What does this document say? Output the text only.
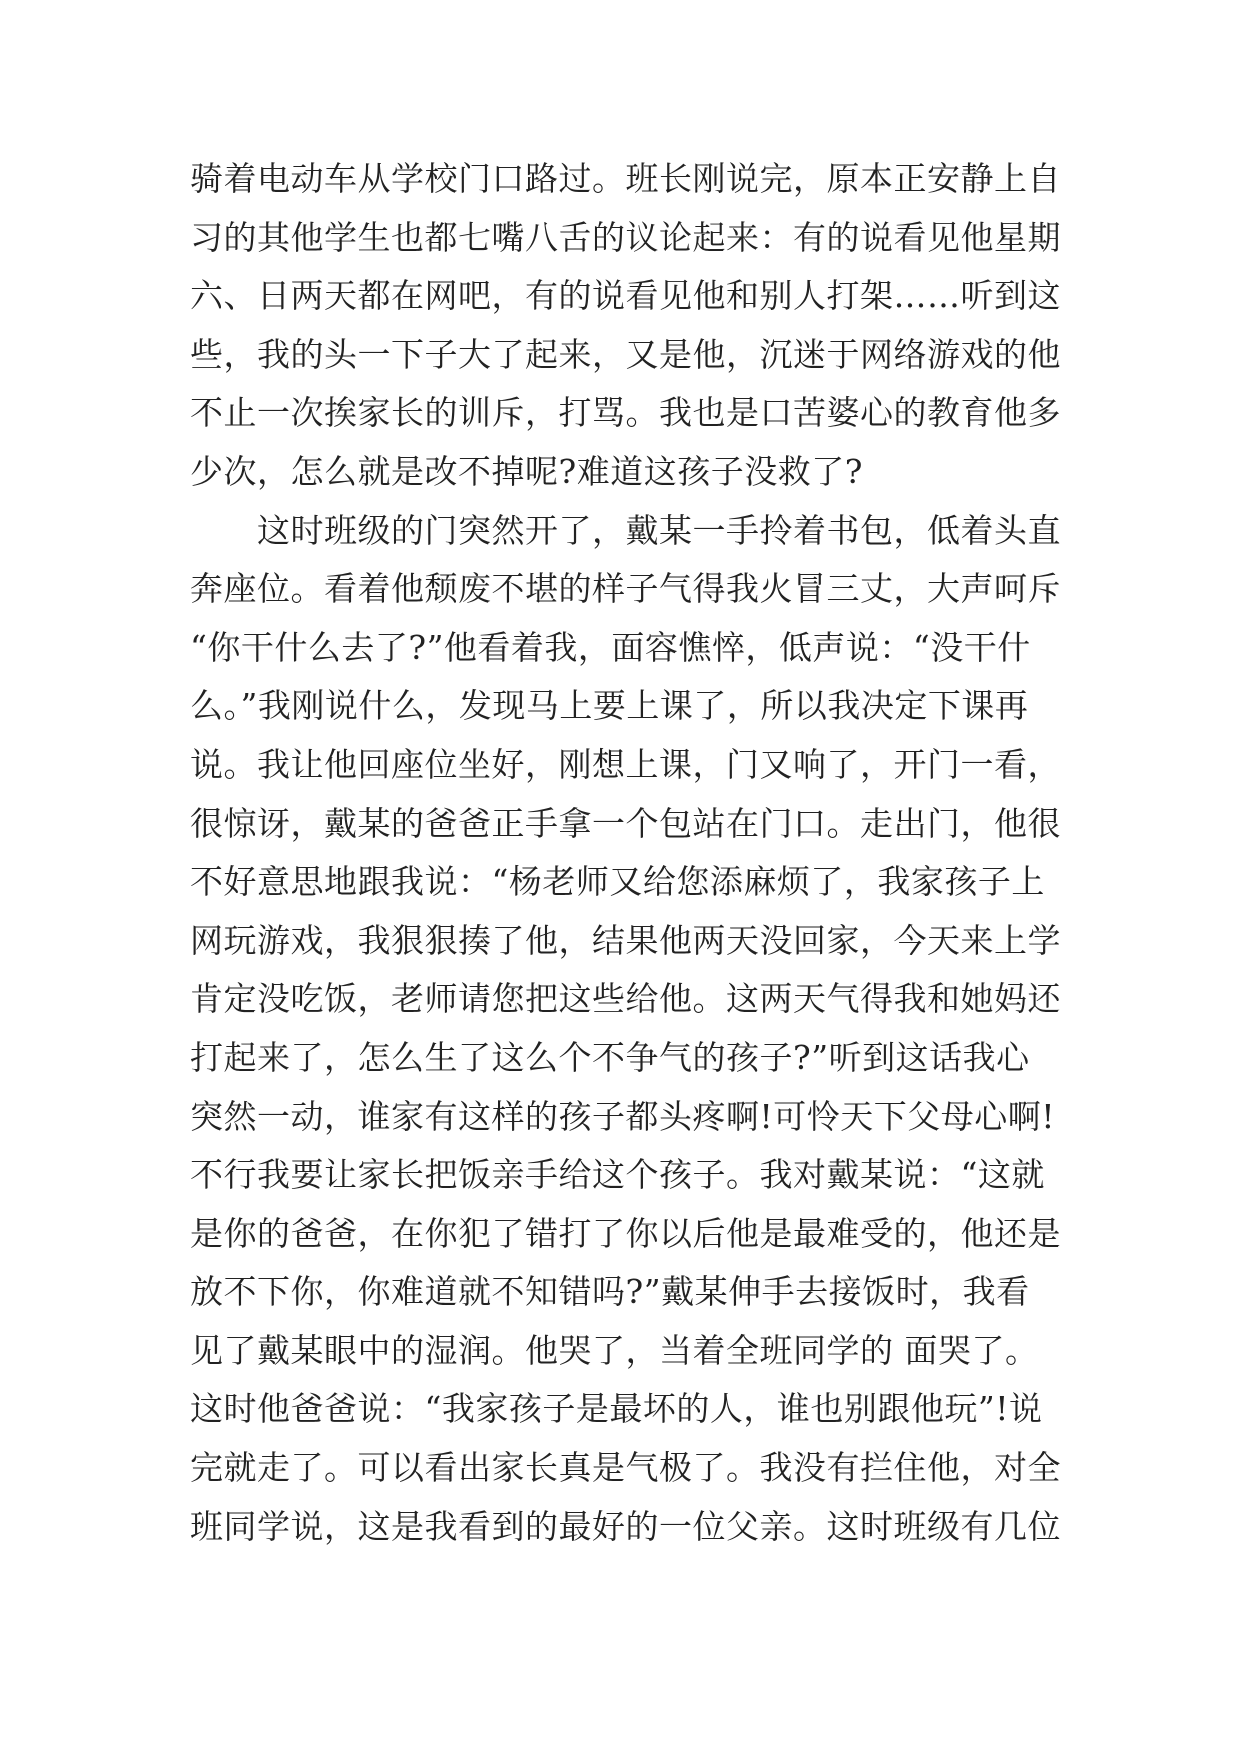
骑着电动车从学校门口路过。班长刚说完，原本正安静上自
习的其他学生也都七嘴八舌的议论起来：有的说看见他星期
六、日两天都在网吧，有的说看见他和别人打架……听到这
些，我的头一下子大了起来，又是他，沉迷于网络游戏的他
不止一次挨家长的训斥，打骂。我也是口苦婆心的教育他多
少次，怎么就是改不掉呢?难道这孩子没救了?
　　这时班级的门突然开了，戴某一手拎着书包，低着头直
奔座位。看着他颓废不堪的样子气得我火冒三丈，大声呵斥
“你干什么去了?”他看着我，面容憔悴，低声说：“没干什
么。”我刚说什么，发现马上要上课了，所以我决定下课再
说。我让他回座位坐好，刚想上课，门又响了，开门一看，
很惊讶，戴某的爸爸正手拿一个包站在门口。走出门，他很
不好意思地跟我说：“杨老师又给您添麻烦了，我家孩子上
网玩游戏，我狠狠揍了他，结果他两天没回家，今天来上学
肯定没吃饭，老师请您把这些给他。这两天气得我和她妈还
打起来了，怎么生了这么个不争气的孩子?”听到这话我心
突然一动，谁家有这样的孩子都头疼啊!可怜天下父母心啊!
不行我要让家长把饭亲手给这个孩子。我对戴某说：“这就
是你的爸爸，在你犯了错打了你以后他是最难受的，他还是
放不下你，你难道就不知错吗?”戴某伸手去接饭时，我看
见了戴某眼中的湿润。他哭了，当着全班同学的 面哭了。
这时他爸爸说：“我家孩子是最坏的人，谁也别跟他玩”!说
完就走了。可以看出家长真是气极了。我没有拦住他，对全
班同学说，这是我看到的最好的一位父亲。这时班级有几位
